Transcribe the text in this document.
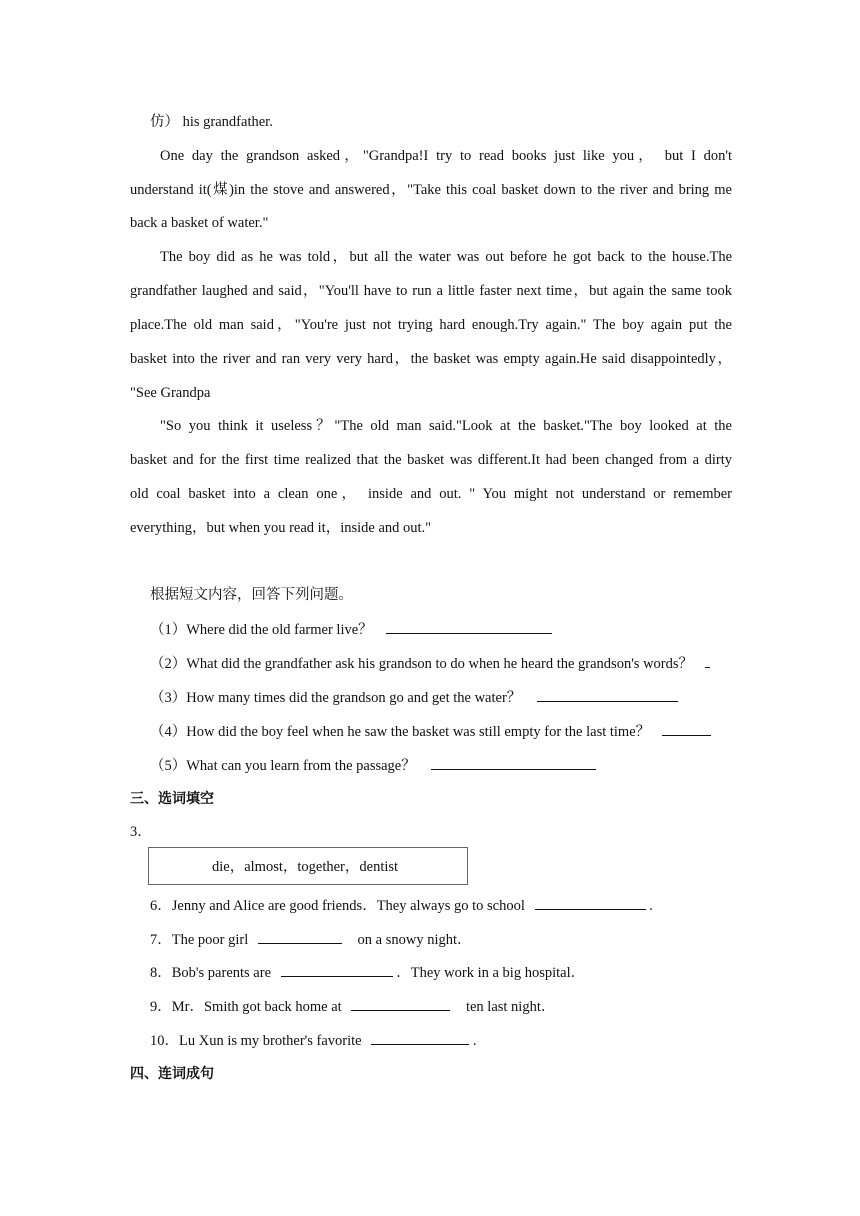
仿） his grandfather.
One day the grandson asked，"Grandpa!I try to read books just like you， but I don't
understand it(煤)in the stove and answered，"Take this coal basket down to the river and bring me
back a basket of water."
The boy did as he was told，but all the water was out before he got back to the house.The
grandfather laughed and said，"You'll have to run a little faster next time，but again the same took
place.The old man said，"You're just not trying hard enough.Try again." The boy again put the
basket into the river and ran very very hard，the basket was empty again.He said disappointedly，
"See Grandpa
"So you think it useless？"The old man said."Look at the basket."The boy looked at the
basket and for the first time realized that the basket was different.It had been changed from a dirty
old coal basket into a clean one， inside and out. " You might not understand or remember
everything，but when you read it，inside and out."
根据短文内容，回答下列问题。
（1）Where did the old farmer live？
（2）What did the grandfather ask his grandson to do when he heard the grandson's words？
（3）How many times did the grandson go and get the water？
（4）How did the boy feel when he saw the basket was still empty for the last time？
（5）What can you learn from the passage？
三、选词填空
3．
die，almost，together，dentist
6．Jenny and Alice are good friends．They always go to school	.
7．The poor girl	on a snowy night．
8．Bob's parents are	．They work in a big hospital．
9．Mr．Smith got back home at	ten last night．
10．Lu Xun is my brother's favorite	.
四、连词成句
